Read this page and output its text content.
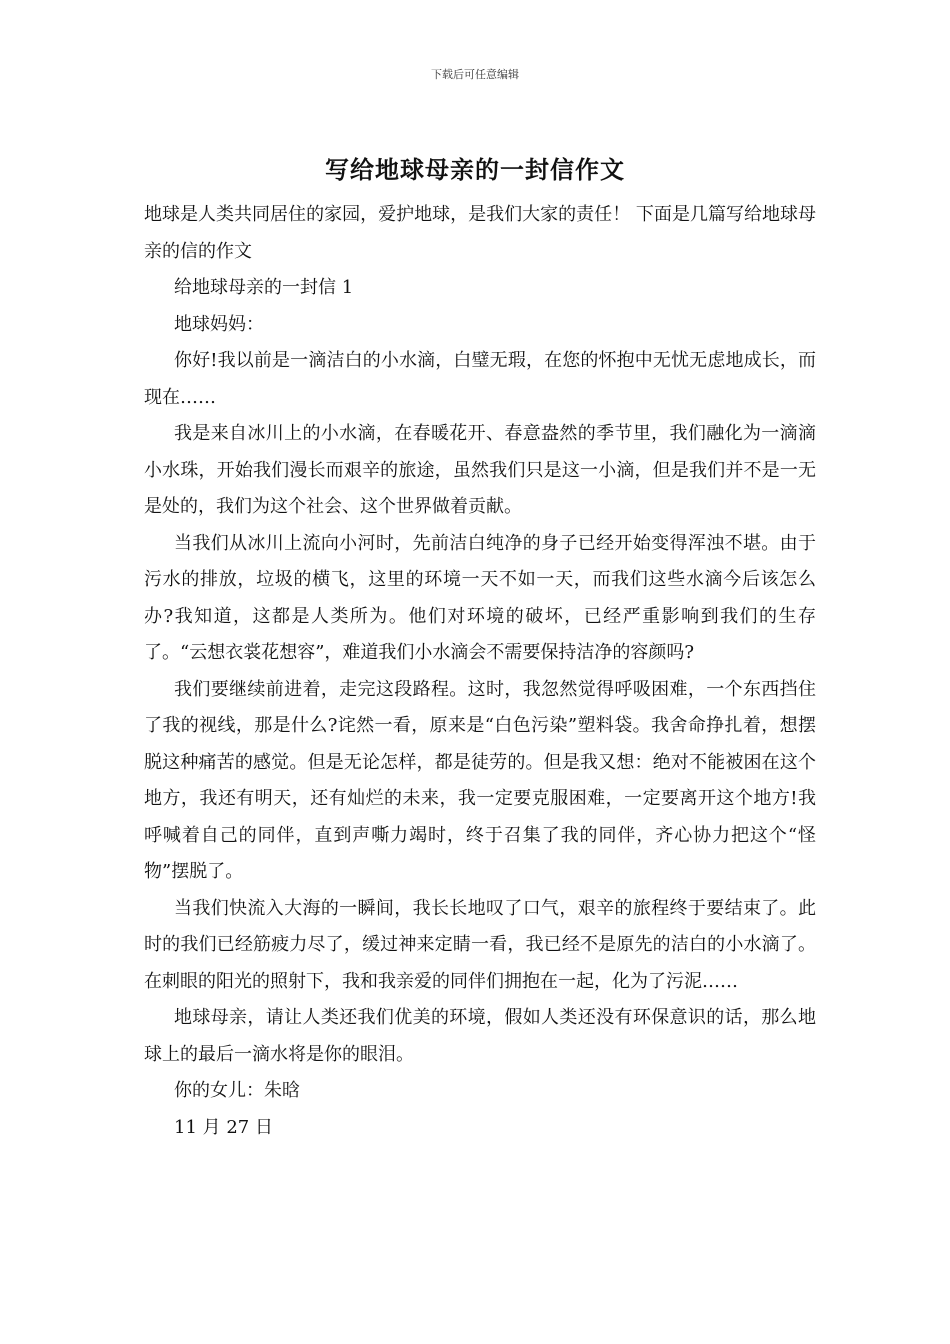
下载后可任意编辑
写给地球母亲的一封信作文

地球是人类共同居住的家园，爱护地球，是我们大家的责任！ 下面是几篇写给地球母亲的信的作文

给地球母亲的一封信 1

地球妈妈：

你好!我以前是一滴洁白的小水滴，白璧无瑕，在您的怀抱中无忧无虑地成长，而现在……

我是来自冰川上的小水滴，在春暖花开、春意盎然的季节里，我们融化为一滴滴小水珠，开始我们漫长而艰辛的旅途，虽然我们只是这一小滴，但是我们并不是一无是处的，我们为这个社会、这个世界做着贡献。

当我们从冰川上流向小河时，先前洁白纯净的身子已经开始变得浑浊不堪。由于污水的排放，垃圾的横飞，这里的环境一天不如一天，而我们这些水滴今后该怎么办?我知道，这都是人类所为。他们对环境的破坏，已经严重影响到我们的生存了。“云想衣裳花想容”，难道我们小水滴会不需要保持洁净的容颜吗?

我们要继续前进着，走完这段路程。这时，我忽然觉得呼吸困难，一个东西挡住了我的视线，那是什么?诧然一看，原来是“白色污染”塑料袋。我舍命挣扎着，想摆脱这种痛苦的感觉。但是无论怎样，都是徒劳的。但是我又想：绝对不能被困在这个地方，我还有明天，还有灿烂的未来，我一定要克服困难，一定要离开这个地方!我呼喊着自己的同伴，直到声嘶力竭时，终于召集了我的同伴，齐心协力把这个“怪物”摆脱了。

当我们快流入大海的一瞬间，我长长地叹了口气，艰辛的旅程终于要结束了。此时的我们已经筋疲力尽了，缓过神来定睛一看，我已经不是原先的洁白的小水滴了。在刺眼的阳光的照射下，我和我亲爱的同伴们拥抱在一起，化为了污泥……

地球母亲，请让人类还我们优美的环境，假如人类还没有环保意识的话，那么地球上的最后一滴水将是你的眼泪。

你的女儿：朱晗

11 月 27 日
